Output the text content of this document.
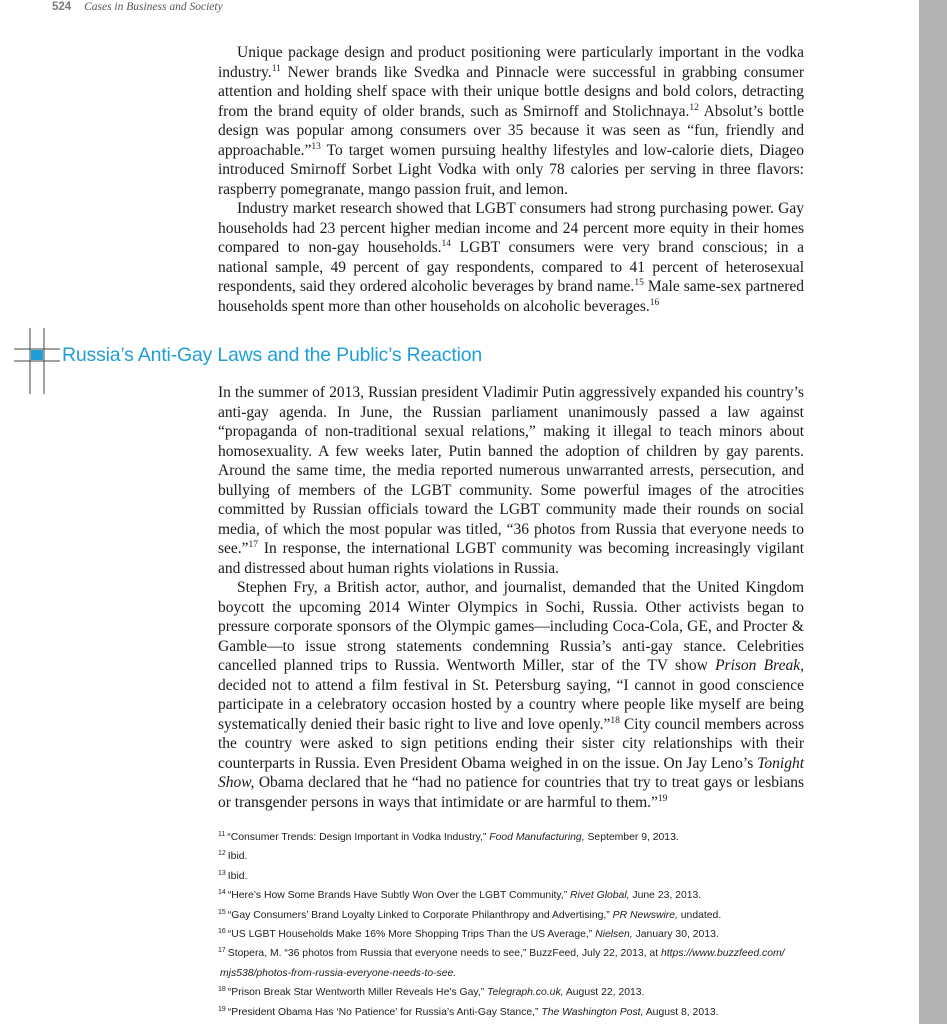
524 Cases in Business and Society

Unique package design and product positioning were particularly important in the vodka industry.$^{11}$ Newer brands like Svedka and Pinnacle were successful in grabbing consumer attention and holding shelf space with their unique bottle designs and bold colors, detracting from the brand equity of older brands, such as Smirnoff and Stolichnaya.$^{12}$ Absolut’s bottle design was popular among consumers over 35 because it was seen as “fun, friendly and approachable.”$^{13}$ To target women pursuing healthy lifestyles and low-calorie diets, Diageo introduced Smirnoff Sorbet Light Vodka with only 78 calories per serving in three flavors: raspberry pomegranate, mango passion fruit, and lemon.

Industry market research showed that LGBT consumers had strong purchasing power. Gay households had 23 percent higher median income and 24 percent more equity in their homes compared to non-gay households.$^{14}$ LGBT consumers were very brand conscious; in a national sample, 49 percent of gay respondents, compared to 41 percent of heterosexual respondents, said they ordered alcoholic beverages by brand name.$^{15}$ Male same-sex partnered households spent more than other households on alcoholic beverages.$^{16}$

Russia’s Anti-Gay Laws and the Public’s Reaction

In the summer of 2013, Russian president Vladimir Putin aggressively expanded his country’s anti-gay agenda. In June, the Russian parliament unanimously passed a law against “propaganda of non-traditional sexual relations,” making it illegal to teach minors about homosexuality. A few weeks later, Putin banned the adoption of children by gay parents. Around the same time, the media reported numerous unwarranted arrests, persecution, and bullying of members of the LGBT community. Some powerful images of the atrocities committed by Russian officials toward the LGBT community made their rounds on social media, of which the most popular was titled, “36 photos from Russia that everyone needs to see.”$^{17}$ In response, the international LGBT community was becoming increasingly vigilant and distressed about human rights violations in Russia.

Stephen Fry, a British actor, author, and journalist, demanded that the United Kingdom boycott the upcoming 2014 Winter Olympics in Sochi, Russia. Other activists began to pressure corporate sponsors of the Olympic games—including Coca-Cola, GE, and Procter & Gamble—to issue strong statements condemning Russia’s anti-gay stance. Celebrities cancelled planned trips to Russia. Wentworth Miller, star of the TV show Prison Break, decided not to attend a film festival in St. Petersburg saying, “I cannot in good conscience participate in a celebratory occasion hosted by a country where people like myself are being systematically denied their basic right to live and love openly.”$^{18}$ City council members across the country were asked to sign petitions ending their sister city relationships with their counterparts in Russia. Even President Obama weighed in on the issue. On Jay Leno’s Tonight Show, Obama declared that he “had no patience for countries that try to treat gays or lesbians or transgender persons in ways that intimidate or are harmful to them.”$^{19}$

$^{11}$ “Consumer Trends: Design Important in Vodka Industry,” Food Manufacturing, September 9, 2013.

$^{12}$ Ibid.

$^{13}$ Ibid.

$^{14}$ “Here’s How Some Brands Have Subtly Won Over the LGBT Community,” Rivet Global, June 23, 2013.

$^{15}$ “Gay Consumers’ Brand Loyalty Linked to Corporate Philanthropy and Advertising,” PR Newswire, undated.

$^{16}$ “US LGBT Households Make 16% More Shopping Trips Than the US Average,” Nielsen, January 30, 2013.

$^{17}$ Stopera, M. “36 photos from Russia that everyone needs to see,” BuzzFeed, July 22, 2013, at https://www.buzzfeed.com/

mjs538/photos-from-russia-everyone-needs-to-see.

$^{18}$ “Prison Break Star Wentworth Miller Reveals He’s Gay,” Telegraph.co.uk, August 22, 2013.

$^{19}$ “President Obama Has ‘No Patience’ for Russia’s Anti-Gay Stance,” The Washington Post, August 8, 2013.
